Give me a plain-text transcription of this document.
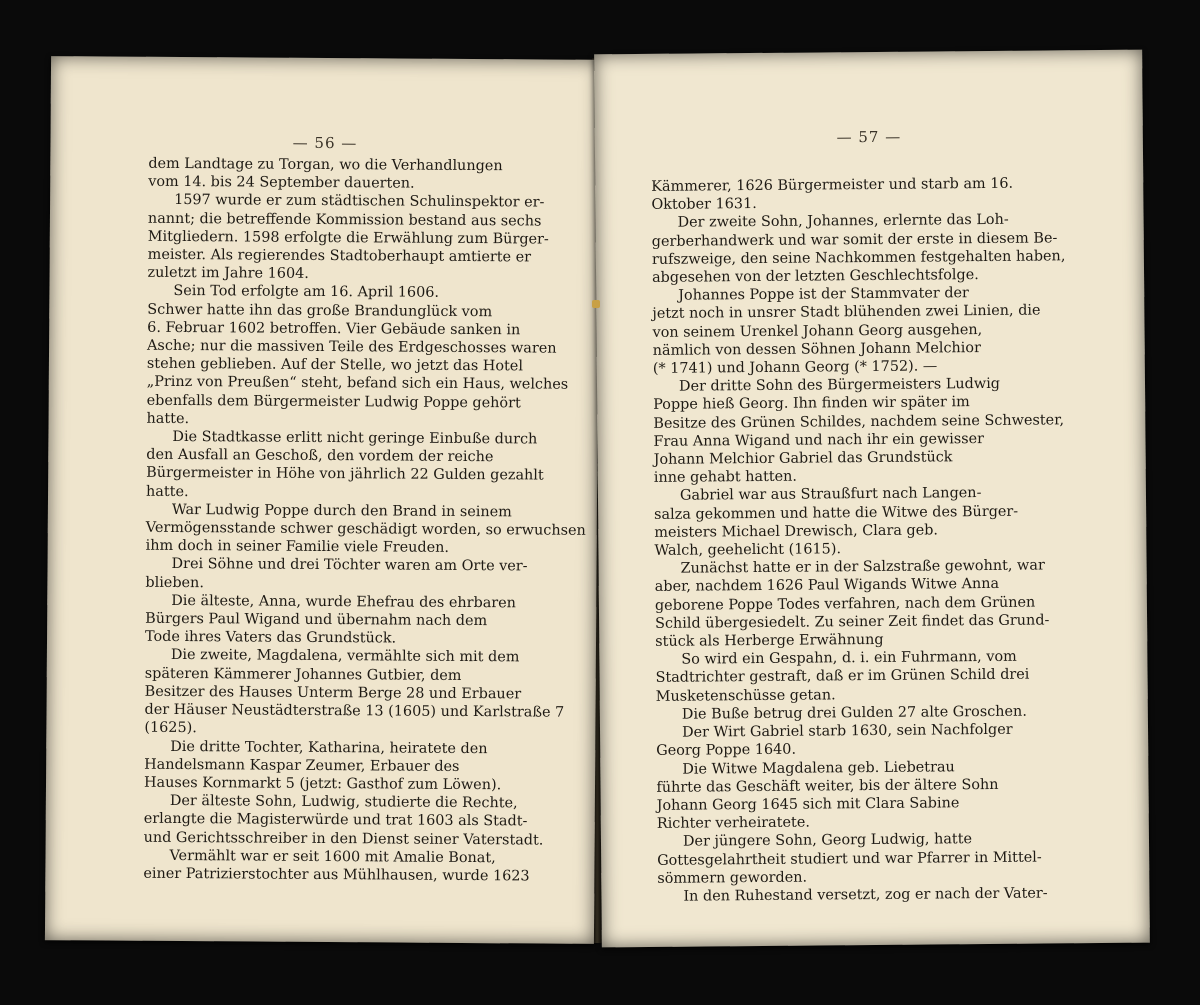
— 56 —
dem Landtage zu Torgan, wo die Verhandlungen
vom 14. bis 24 September dauerten.
1597 wurde er zum städtischen Schulinspektor er-
nannt; die betreffende Kommission bestand aus sechs
Mitgliedern. 1598 erfolgte die Erwählung zum Bürger-
meister. Als regierendes Stadtoberhaupt amtierte er
zuletzt im Jahre 1604.
Sein Tod erfolgte am 16. April 1606.
Schwer hatte ihn das große Brandunglück vom
6. Februar 1602 betroffen. Vier Gebäude sanken in
Asche; nur die massiven Teile des Erdgeschosses waren
stehen geblieben. Auf der Stelle, wo jetzt das Hotel
„Prinz von Preußen“ steht, befand sich ein Haus, welches
ebenfalls dem Bürgermeister Ludwig Poppe gehört
hatte.
Die Stadtkasse erlitt nicht geringe Einbuße durch
den Ausfall an Geschoß, den vordem der reiche
Bürgermeister in Höhe von jährlich 22 Gulden gezahlt
hatte.
War Ludwig Poppe durch den Brand in seinem
Vermögensstande schwer geschädigt worden, so erwuchsen
ihm doch in seiner Familie viele Freuden.
Drei Söhne und drei Töchter waren am Orte ver-
blieben.
Die älteste, Anna, wurde Ehefrau des ehrbaren
Bürgers Paul Wigand und übernahm nach dem
Tode ihres Vaters das Grundstück.
Die zweite, Magdalena, vermählte sich mit dem
späteren Kämmerer Johannes Gutbier, dem
Besitzer des Hauses Unterm Berge 28 und Erbauer
der Häuser Neustädterstraße 13 (1605) und Karlstraße 7
(1625).
Die dritte Tochter, Katharina, heiratete den
Handelsmann Kaspar Zeumer, Erbauer des
Hauses Kornmarkt 5 (jetzt: Gasthof zum Löwen).
Der älteste Sohn, Ludwig, studierte die Rechte,
erlangte die Magisterwürde und trat 1603 als Stadt-
und Gerichtsschreiber in den Dienst seiner Vaterstadt.
Vermählt war er seit 1600 mit Amalie Bonat,
einer Patrizierstochter aus Mühlhausen, wurde 1623
— 57 —
Kämmerer, 1626 Bürgermeister und starb am 16.
Oktober 1631.
Der zweite Sohn, Johannes, erlernte das Loh-
gerberhandwerk und war somit der erste in diesem Be-
rufszweige, den seine Nachkommen festgehalten haben,
abgesehen von der letzten Geschlechtsfolge.
Johannes Poppe ist der Stammvater der
jetzt noch in unsrer Stadt blühenden zwei Linien, die
von seinem Urenkel Johann Georg ausgehen,
nämlich von dessen Söhnen Johann Melchior
(* 1741) und Johann Georg (* 1752). —
Der dritte Sohn des Bürgermeisters Ludwig
Poppe hieß Georg. Ihn finden wir später im
Besitze des Grünen Schildes, nachdem seine Schwester,
Frau Anna Wigand und nach ihr ein gewisser
Johann Melchior Gabriel das Grundstück
inne gehabt hatten.
Gabriel war aus Straußfurt nach Langen-
salza gekommen und hatte die Witwe des Bürger-
meisters Michael Drewisch, Clara geb.
Walch, geehelicht (1615).
Zunächst hatte er in der Salzstraße gewohnt, war
aber, nachdem 1626 Paul Wigands Witwe Anna
geborene Poppe Todes verfahren, nach dem Grünen
Schild übergesiedelt. Zu seiner Zeit findet das Grund-
stück als Herberge Erwähnung
So wird ein Gespahn, d. i. ein Fuhrmann, vom
Stadtrichter gestraft, daß er im Grünen Schild drei
Musketenschüsse getan.
Die Buße betrug drei Gulden 27 alte Groschen.
Der Wirt Gabriel starb 1630, sein Nachfolger
Georg Poppe 1640.
Die Witwe Magdalena geb. Liebetrau
führte das Geschäft weiter, bis der ältere Sohn
Johann Georg 1645 sich mit Clara Sabine
Richter verheiratete.
Der jüngere Sohn, Georg Ludwig, hatte
Gottesgelahrtheit studiert und war Pfarrer in Mittel-
sömmern geworden.
In den Ruhestand versetzt, zog er nach der Vater-
